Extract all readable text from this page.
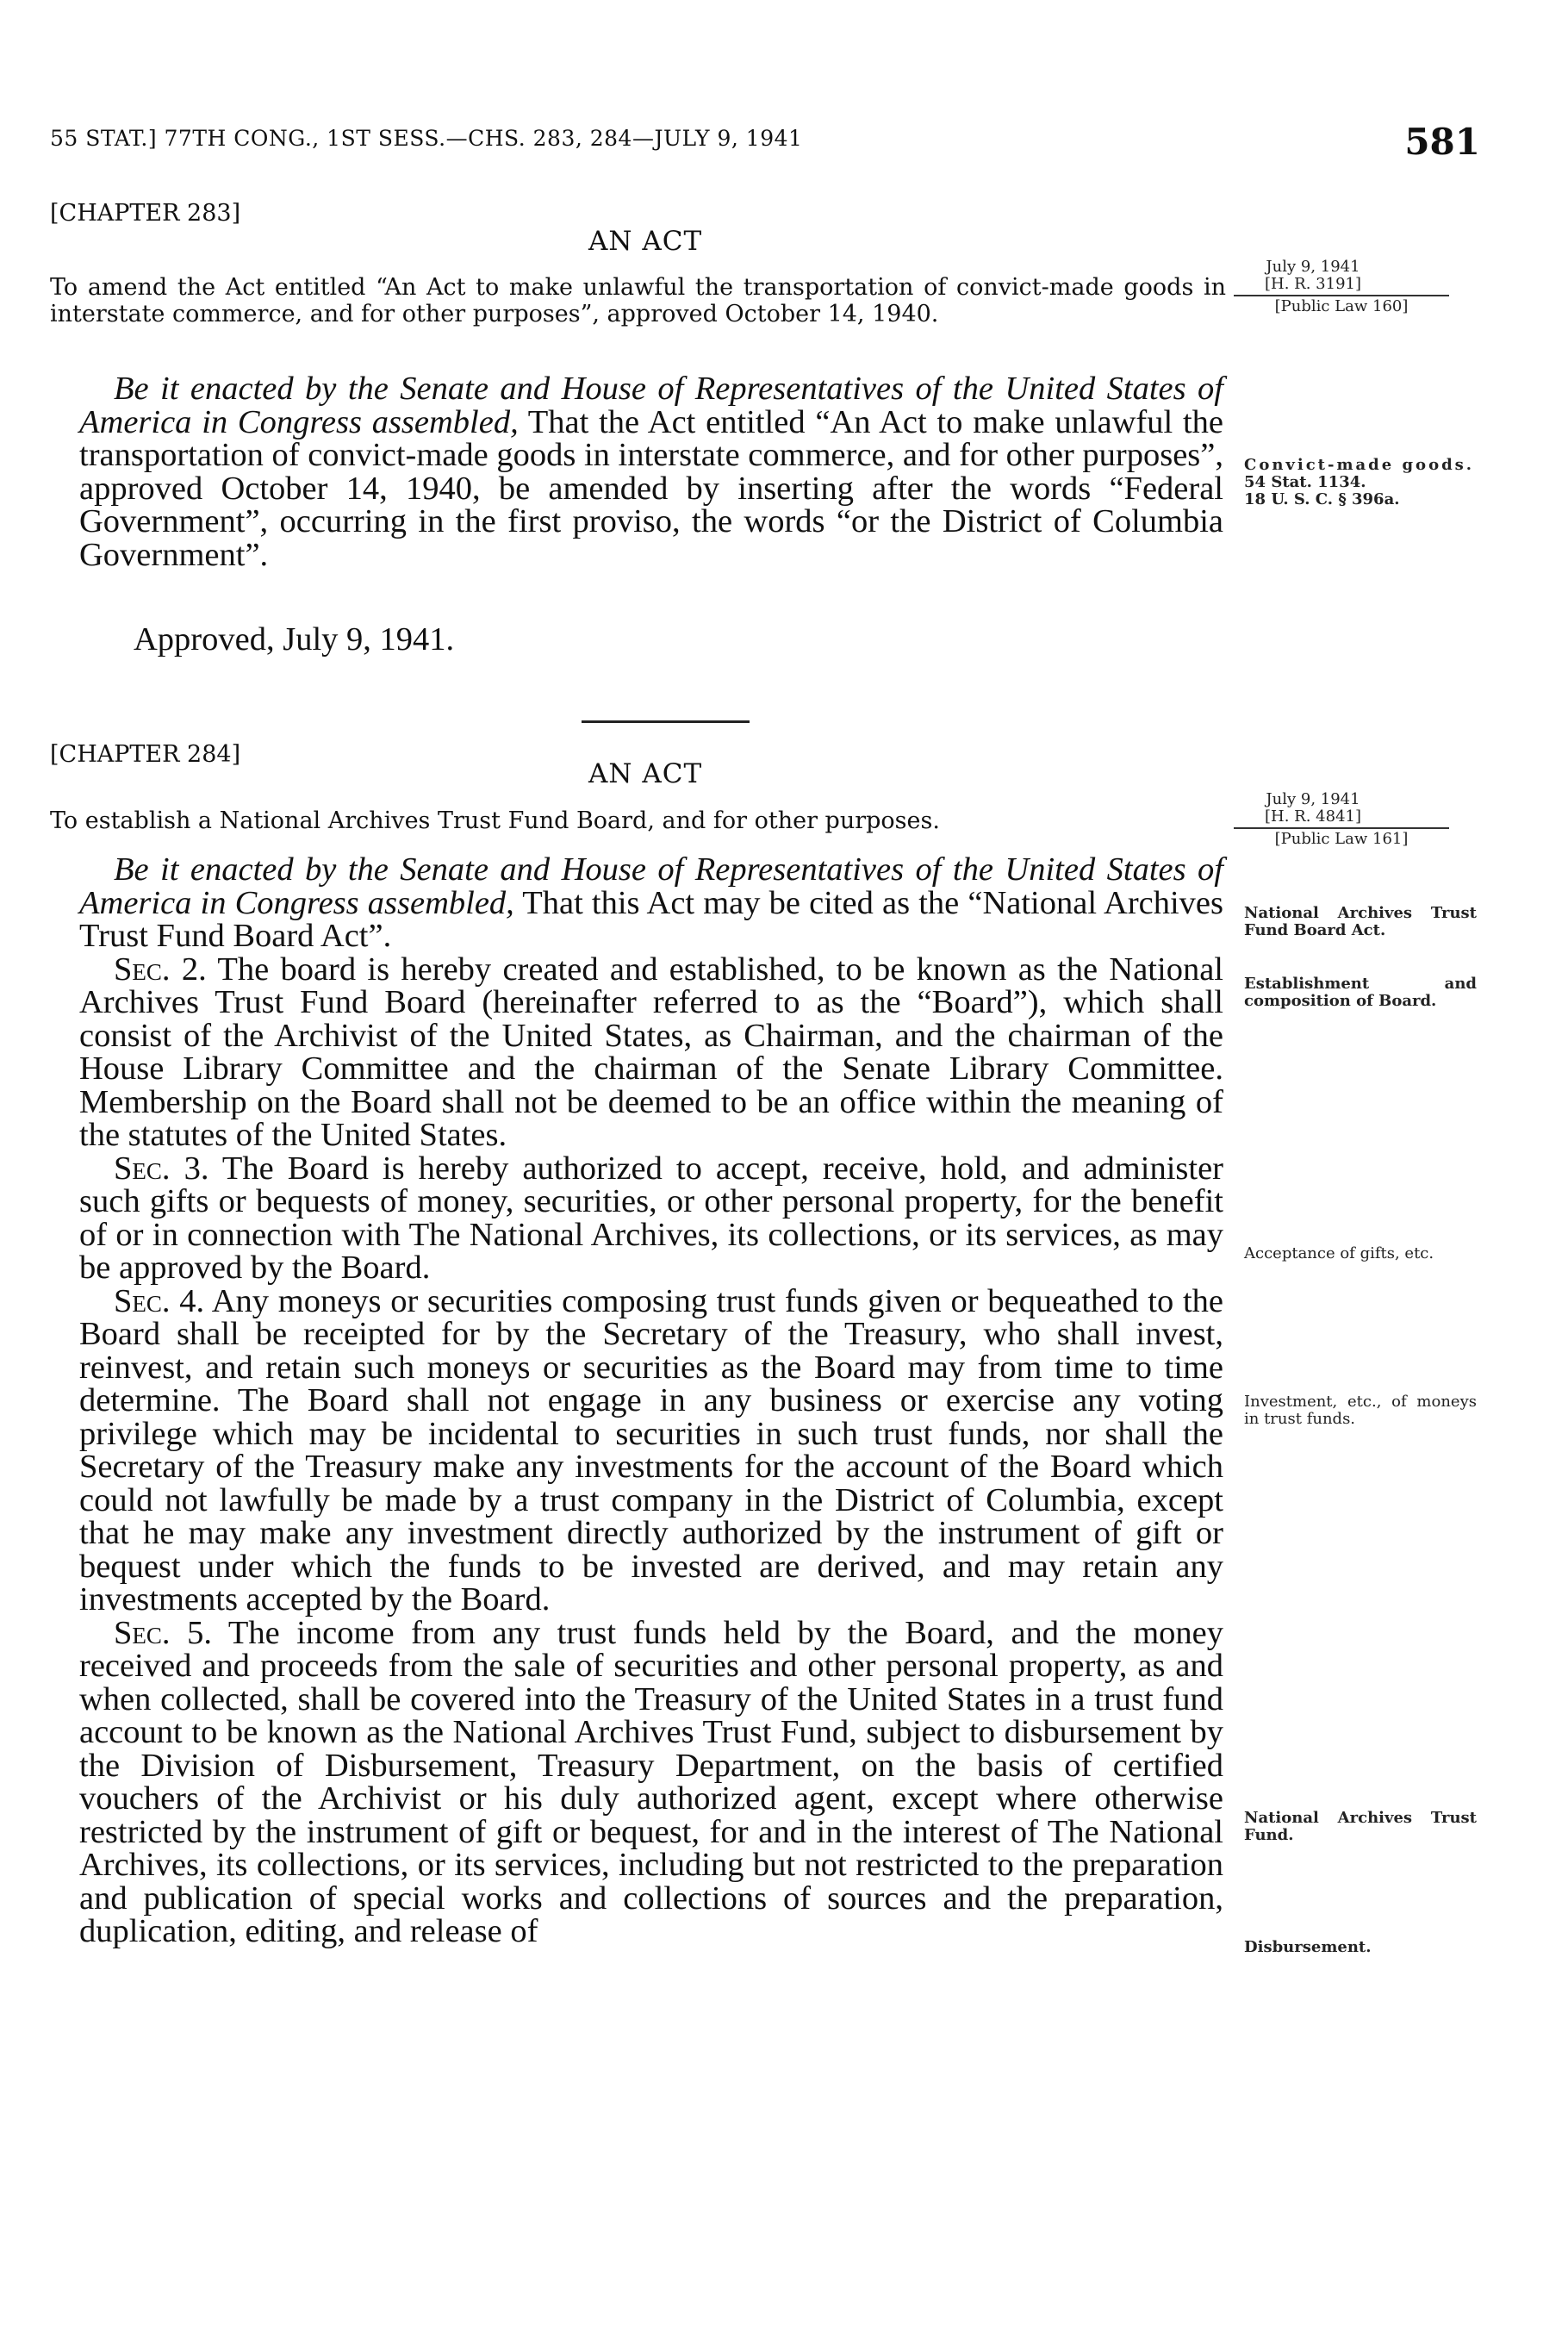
55 STAT.] 77TH CONG., 1ST SESS.—CHS. 283, 284—JULY 9, 1941	581
[CHAPTER 283]
AN ACT
To amend the Act entitled “An Act to make unlawful the transportation of convict-made goods in interstate commerce, and for other purposes”, approved October 14, 1940.

Be it enacted by the Senate and House of Representatives of the United States of America in Congress assembled, That the Act entitled “An Act to make unlawful the transportation of convict-made goods in interstate commerce, and for other purposes”, approved October 14, 1940, be amended by inserting after the words “Federal Government”, occurring in the first proviso, the words “or the District of Columbia Government”.

Approved, July 9, 1941.
July 9, 1941
[H. R. 3191]
[Public Law 160]
Convict-made goods.
54 Stat. 1134.
18 U. S. C. § 396a.
[CHAPTER 284]
AN ACT
To establish a National Archives Trust Fund Board, and for other purposes.

Be it enacted by the Senate and House of Representatives of the United States of America in Congress assembled, That this Act may be cited as the “National Archives Trust Fund Board Act”.

Sec. 2. The board is hereby created and established, to be known as the National Archives Trust Fund Board (hereinafter referred to as the “Board”), which shall consist of the Archivist of the United States, as Chairman, and the chairman of the House Library Committee and the chairman of the Senate Library Committee. Membership on the Board shall not be deemed to be an office within the meaning of the statutes of the United States.

Sec. 3. The Board is hereby authorized to accept, receive, hold, and administer such gifts or bequests of money, securities, or other personal property, for the benefit of or in connection with The National Archives, its collections, or its services, as may be approved by the Board.

Sec. 4. Any moneys or securities composing trust funds given or bequeathed to the Board shall be receipted for by the Secretary of the Treasury, who shall invest, reinvest, and retain such moneys or securities as the Board may from time to time determine. The Board shall not engage in any business or exercise any voting privilege which may be incidental to securities in such trust funds, nor shall the Secretary of the Treasury make any investments for the account of the Board which could not lawfully be made by a trust company in the District of Columbia, except that he may make any investment directly authorized by the instrument of gift or bequest under which the funds to be invested are derived, and may retain any investments accepted by the Board.

Sec. 5. The income from any trust funds held by the Board, and the money received and proceeds from the sale of securities and other personal property, as and when collected, shall be covered into the Treasury of the United States in a trust fund account to be known as the National Archives Trust Fund, subject to disbursement by the Division of Disbursement, Treasury Department, on the basis of certified vouchers of the Archivist or his duly authorized agent, except where otherwise restricted by the instrument of gift or bequest, for and in the interest of The National Archives, its collections, or its services, including but not restricted to the preparation and publication of special works and collections of sources and the preparation, duplication, editing, and release of

July 9, 1941
[H. R. 4841]
[Public Law 161]
National Archives Trust Fund Board Act.
Establishment and composition of Board.
Acceptance of gifts, etc.
Investment, etc., of moneys in trust funds.
National Archives Trust Fund.
Disbursement.
